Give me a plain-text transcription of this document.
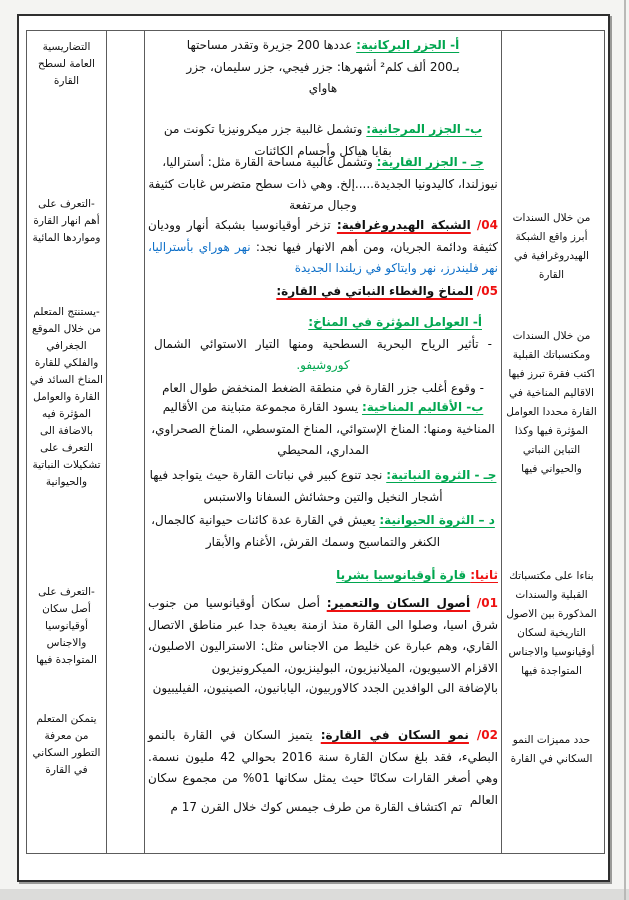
التضاريسية العامة لسطح القارة
-التعرف على أهم انهار القارة ومواردها المائية
-يستنتج المتعلم من خلال الموقع الجغرافي والفلكي للقارة المناخ السائد في القارة والعوامل المؤثرة فيه بالاضافة الى التعرف على تشكيلات النباتية والحيوانية
-التعرف على أصل سكان أوقيانوسيا والاجناس المتواجدة فيها
يتمكن المتعلم من معرفة التطور السكاني في القارة
من خلال السندات أبرز واقع الشبكة الهيدروغرافية في القارة
من خلال السندات ومكتسباتك القبلية اكتب فقرة تبرز فيها الاقاليم المناخية في القارة محددا العوامل المؤثرة فيها وكذا التباين النباتي والحيواني فيها
بناءا على مكتسباتك القبلية والسندات المذكورة بين الاصول التاريخية لسكان أوقيانوسيا والاجناس المتواجدة فيها
حدد مميزات النمو السكاني في القارة
أ- الجزر البركانية: عددها 200 جزيرة وتقدر مساحتها بـ200 ألف كلم² أشهرها: جزر فيجي، جزر سليمان، جزر هاواي
ب- الجزر المرجانية: وتشمل غالبية جزر ميكرونيزيا تكونت من بقايا هياكل وأجسام الكائنات
جـ - الجزر القارية: وتشمل غالبية مساحة القارة مثل: أستراليا، نيوزلندا، كاليدونيا الجديدة.....إلخ. وهي ذات سطح متضرس غابات كثيفة وجبال مرتفعة
04/ الشبكة الهيدروغرافية: تزخر أوقيانوسيا بشبكة أنهار ووديان كثيفة ودائمة الجريان، ومن أهم الانهار فيها نجد: نهر هوراي بأستراليا، نهر فليندرز، نهر وايتاكو في زيلندا الجديدة
05/ المناخ والغطاء النباتي في القارة:
أ- العوامل المؤثرة في المناخ:
- تأثير الرياح البحرية السطحية ومنها التيار الاستوائي الشمال كوروشيفو.
- وقوع أغلب جزر القارة في منطقة الضغط المنخفض طوال العام
ب- الأقاليم المناخية: يسود القارة مجموعة متباينة من الأقاليم المناخية ومنها: المناخ الإستوائي، المناخ المتوسطي، المناخ الصحراوي، المداري، المحيطي
جـ - الثروة النباتية: نجد تنوع كبير في نباتات القارة حيث يتواجد فيها أشجار النخيل والتين وحشائش السفانا والاستبس
د – الثروة الحيوانية: يعيش في القارة عدة كائنات حيوانية كالجمال، الكنغر والتماسيح وسمك القرش، الأغنام والأبقار
ثانيا: قارة أوقيانوسيا بشريا
01/ أصول السكان والتعمير: أصل سكان أوقيانوسيا من جنوب شرق اسيا، وصلوا الى القارة منذ ازمنة بعيدة جدا عبر مناطق الاتصال القاري، وهم عبارة عن خليط من الاجناس مثل: الاستراليون الاصليون، الاقزام الاسيويون، الميلانيزيون، البولينزيون، الميكرونيزيون
بالإضافة الى الوافدين الجدد كالاوربيون، اليابانيون، الصينيون، الفيليبيون
02/ نمو السكان في القارة: يتميز السكان في القارة بالنمو البطيء، فقد بلغ سكان القارة سنة 2016 بحوالي 42 مليون نسمة. وهي أصغر القارات سكانًا حيث يمثل سكانها 01% من مجموع سكان العالم
تم اكتشاف القارة من طرف جيمس كوك خلال القرن 17 م
